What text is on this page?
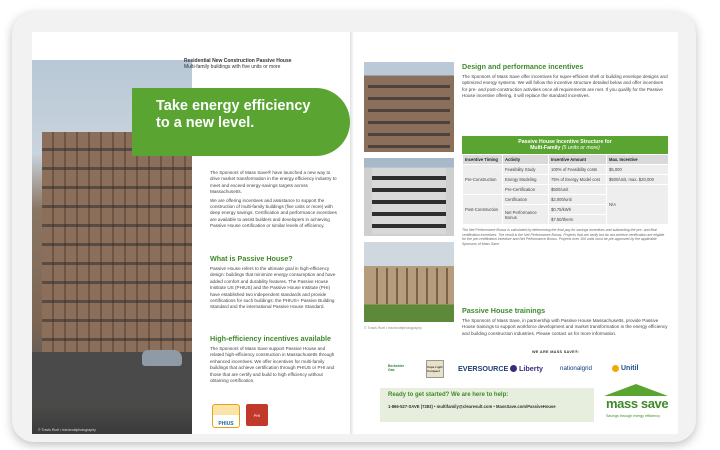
© Travis Ruel • travisruelphotography
Residential New Construction Passive House
Multi-family buildings with five units or more
Take energy efficiency
to a new level.
The Sponsors of Mass Save® have launched a new way to drive market transformation in the energy efficiency industry to meet and exceed energy-savings targets across Massachusetts.
We are offering incentives and assistance to support the construction of multi-family buildings (five units or more) with deep energy savings. Certification and performance incentives are available to assist builders and developers in achieving Passive House certification or similar levels of efficiency.
What is Passive House?
Passive House refers to the ultimate goal in high-efficiency design: buildings that minimize energy consumption and have added comfort and durability features. The Passive House Institute US (PHIUS) and the Passive House Institute (PHI) have established two independent standards and provide certifications for such buildings: the PHIUS+ Passive Building Standard and the international Passive House Standard.
High-efficiency incentives available
The Sponsors of Mass Save support Passive House and related high-efficiency construction in Massachusetts through enhanced incentives. We offer incentives for multi-family buildings that achieve certification through PHIUS or PHI and those that are certify and build to high efficiency without obtaining certification.
PHIUS
PHI
© Travis Ruel • travisruelphotography
Design and performance incentives
The Sponsors of Mass Save offer incentives for super-efficient shell or building envelope designs and optimized energy systems. We will follow the incentive structure detailed below and offer incentives for pre- and post-construction activities once all requirements are met. If you qualify for the Passive House incentive offering, it will replace the standard incentives.
Passive House Incentive Structure for
Multi-Family (5 units or more)
Incentive Timing	Activity	Incentive Amount	Max. Incentive
Pre-Construction	Feasibility Study	100% of Feasibility costs	$5,000
	Energy Modeling	75% of Energy Model cost	$500/unit, max. $20,000
	Pre-Certification	$500/unit	N/A
Post-Construction	Certification	$2,000/unit	
	Net Performance Bonus	$0.75/kWh	
		$7.50/therm	
The Net Performance Bonus is calculated by determining the final pay for savings incentives and subtracting the pre- and final certification incentives. The result is the Net Performance Bonus. Projects that are verify but do not achieve certification are eligible for the pre-certification incentive and Net Performance Bonus. Projects over 100 units must be pre-approved by the applicable Sponsors of Mass Save.
Passive House trainings
The Sponsors of Mass Save, in partnership with Passive House Massachusetts, provide Passive House trainings to support workforce development and market transformation in the energy efficiency and building construction industries. Please contact us for more information.
WE ARE MASS SAVE®:
Berkshire Gas
Cape Light Compact	EVERSOURCE Liberty	nationalgrid	Unitil
Ready to get started? We are here to help:
1-866-527-SAVE (7283) • multifamily@clearesult.com • MassSave.com/PassiveHouse	mass save
Savings through energy efficiency
